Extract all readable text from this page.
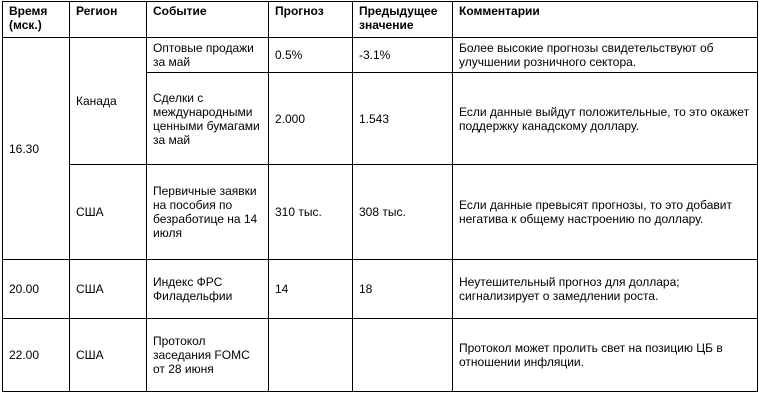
Время (мск.)	Регион	Событие	Прогноз	Предыдущее значение	Комментарии
16.30	Канада	Оптовые продажи за май	0.5%	-3.1%	Более высокие прогнозы свидетельствуют об улучшении розничного сектора.
		Сделки с международными ценными бумагами за май	2.000	1.543	Если данные выйдут положительные, то это окажет поддержку канадскому доллару.
	США	Первичные заявки на пособия по безработице на 14 июля	310 тыс.	308 тыс.	Если данные превысят прогнозы, то это добавит негатива к общему настроению по доллару.
20.00	США	Индекс ФРС Филадельфии	14	18	Неутешительный прогноз для доллара; сигнализирует о замедлении роста.
22.00	США	Протокол заседания FOMC от 28 июня			Протокол может пролить свет на позицию ЦБ в отношении инфляции.
